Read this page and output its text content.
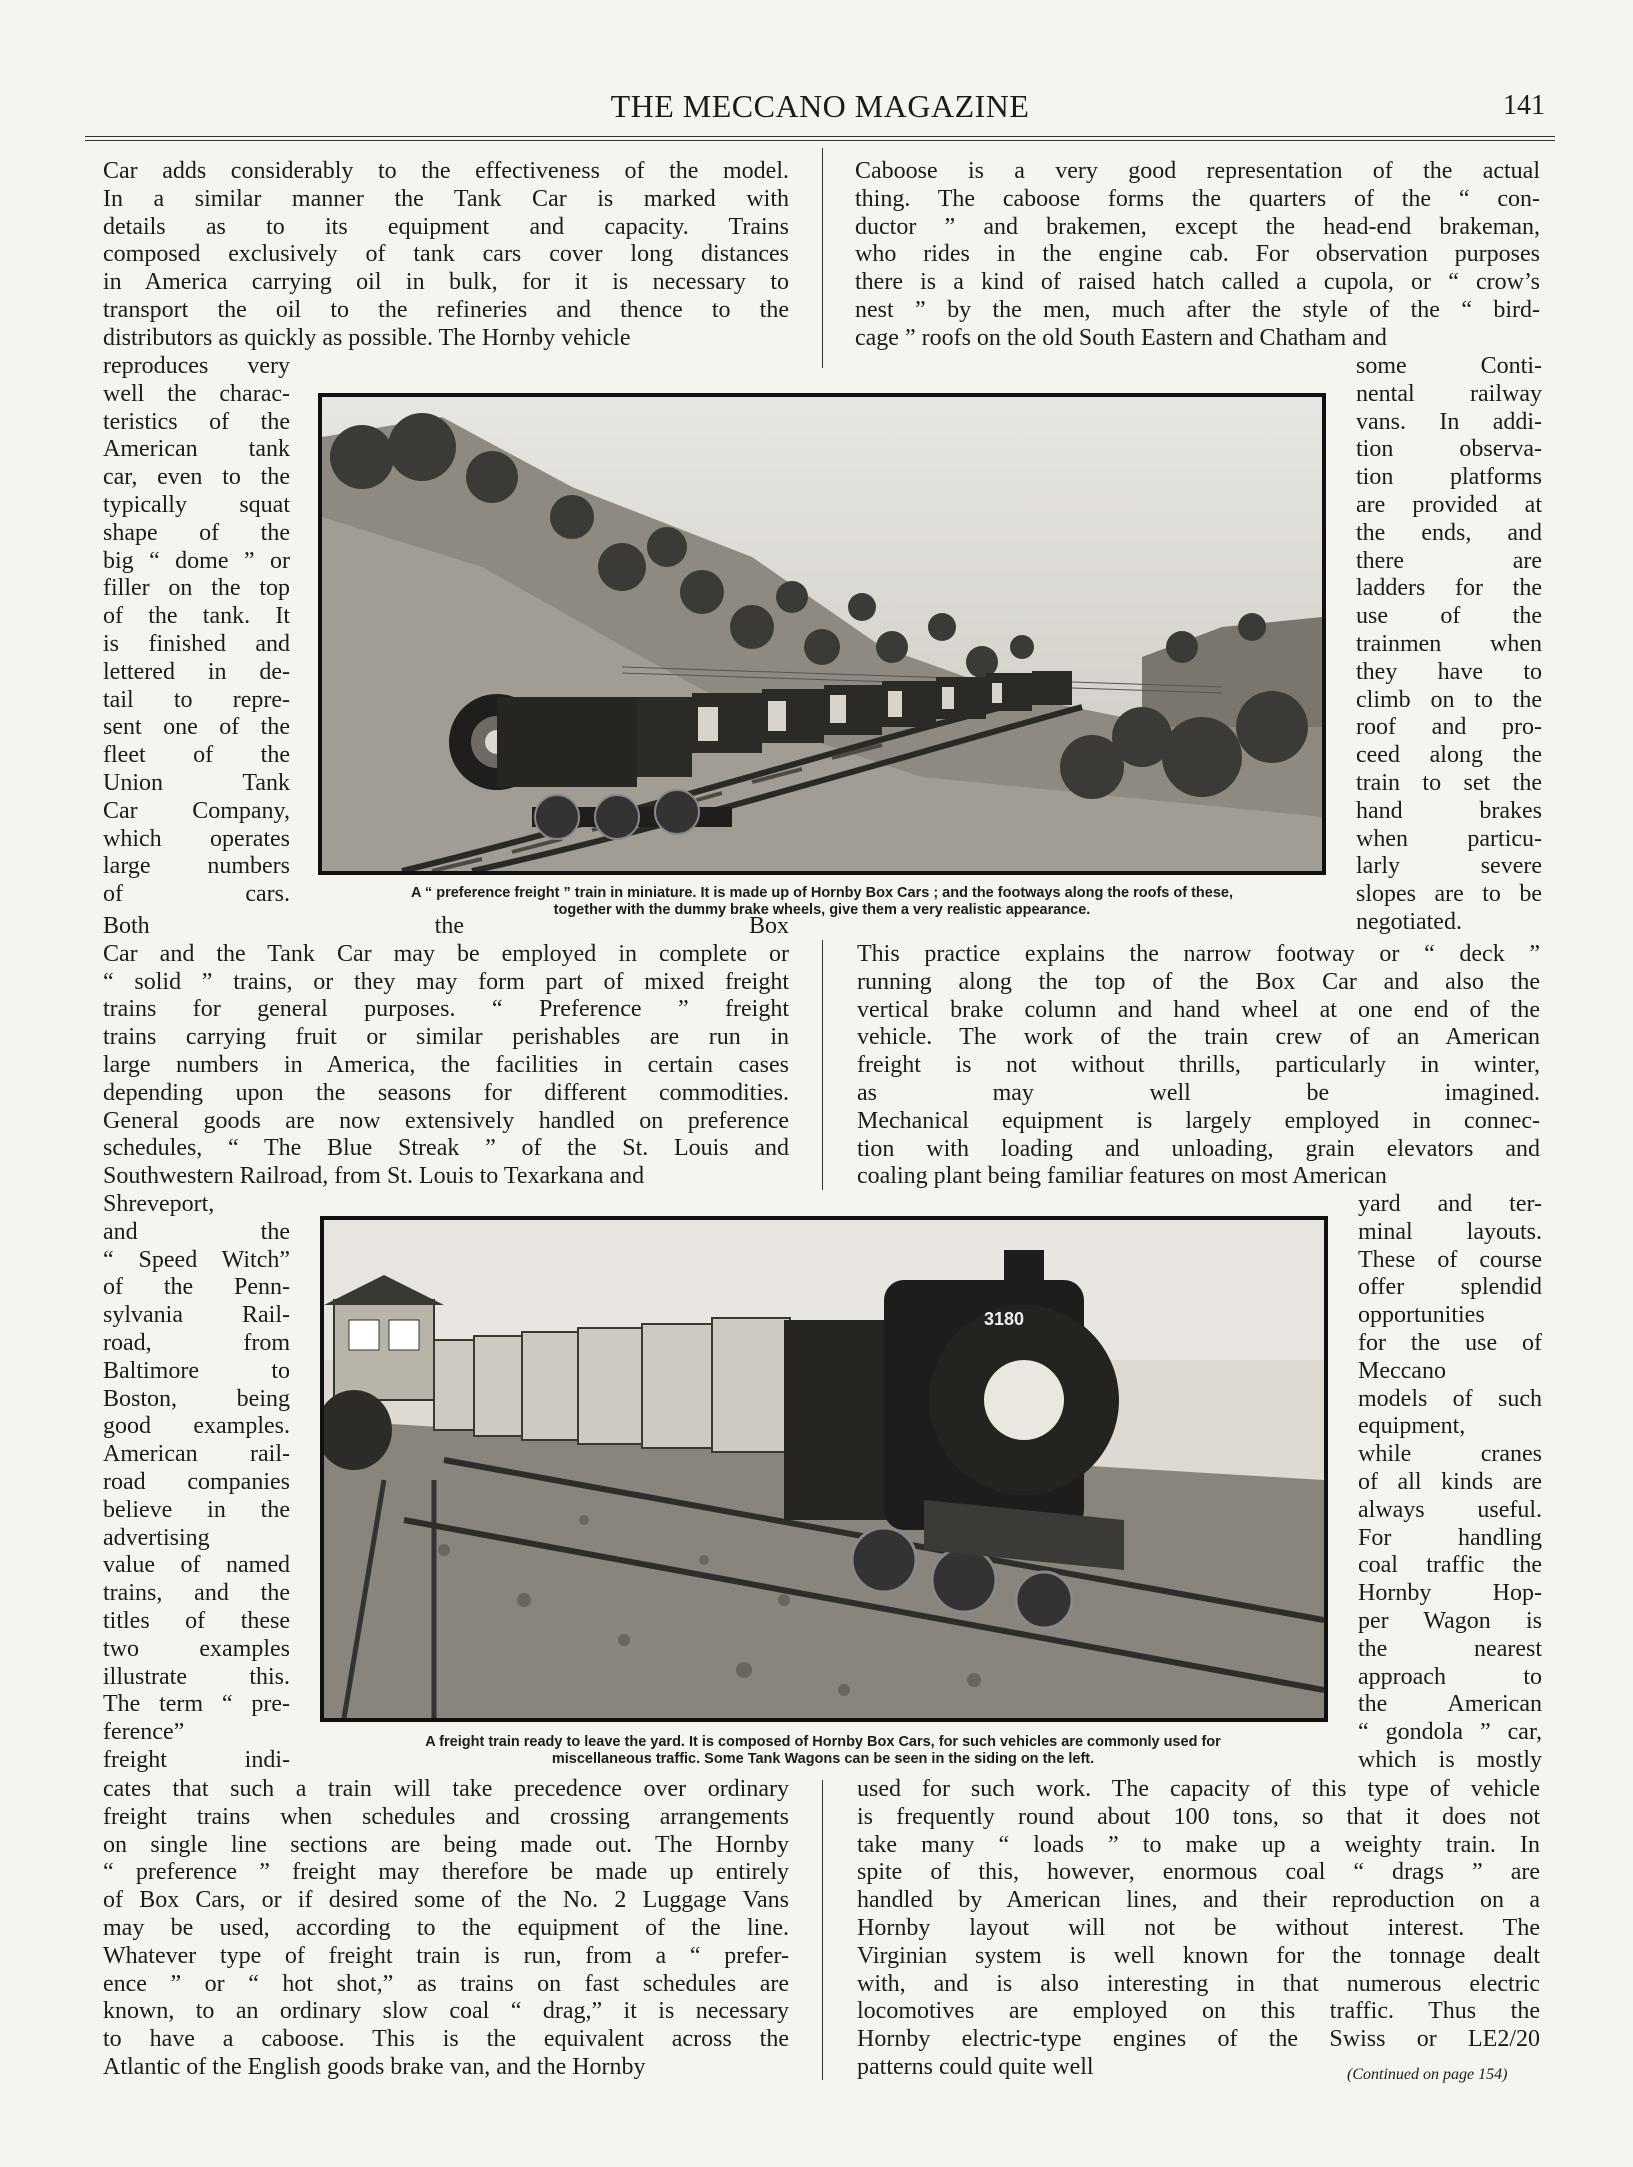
THE MECCANO MAGAZINE	141
Car adds considerably to the effectiveness of the model.
In a similar manner the Tank Car is marked with
details as to its equipment and capacity. Trains
composed exclusively of tank cars cover long distances
in America carrying oil in bulk, for it is necessary to
transport the oil to the refineries and thence to the
distributors as quickly as possible. The Hornby vehicle
Caboose is a very good representation of the actual
thing. The caboose forms the quarters of the “ con-
ductor ” and brakemen, except the head-end brakeman,
who rides in the engine cab. For observation purposes
there is a kind of raised hatch called a cupola, or “ crow’s
nest ” by the men, much after the style of the “ bird-
cage ” roofs on the old South Eastern and Chatham and
reproduces very
well the charac-
teristics of the
American tank
car, even to the
typically squat
shape of the
big “ dome ” or
filler on the top
of the tank. It
is finished and
lettered in de-
tail to repre-
sent one of the
fleet of the
Union Tank
Car Company,
which operates
large numbers
of cars.
some Conti-
nental railway
vans. In addi-
tion observa-
tion platforms
are provided at
the ends, and
there are
ladders for the
use of the
trainmen when
they have to
climb on to the
roof and pro-
ceed along the
train to set the
hand brakes
when particu-
larly severe
slopes are to be
negotiated.
A “ preference freight ” train in miniature. It is made up of Hornby Box Cars ; and the footways along the roofs of these,
together with the dummy brake wheels, give them a very realistic appearance.
Both the Box
Car and the Tank Car may be employed in complete or
“ solid ” trains, or they may form part of mixed freight
trains for general purposes. “ Preference ” freight
trains carrying fruit or similar perishables are run in
large numbers in America, the facilities in certain cases
depending upon the seasons for different commodities.
General goods are now extensively handled on preference
schedules, “ The Blue Streak ” of the St. Louis and
Southwestern Railroad, from St. Louis to Texarkana and
This practice explains the narrow footway or “ deck ”
running along the top of the Box Car and also the
vertical brake column and hand wheel at one end of the
vehicle. The work of the train crew of an American
freight is not without thrills, particularly in winter,
as may well be imagined.
Mechanical equipment is largely employed in connec-
tion with loading and unloading, grain elevators and
coaling plant being familiar features on most American
Shreveport,
and the
“ Speed Witch”
of the Penn-
sylvania Rail-
road, from
Baltimore to
Boston, being
good examples.
American rail-
road companies
believe in the
advertising
value of named
trains, and the
titles of these
two examples
illustrate this.
The term “ pre-
ference”
freight indi-
yard and ter-
minal layouts.
These of course
offer splendid
opportunities
for the use of
Meccano
models of such
equipment,
while cranes
of all kinds are
always useful.
For handling
coal traffic the
Hornby Hop-
per Wagon is
the nearest
approach to
the American
“ gondola ” car,
which is mostly
3180
A freight train ready to leave the yard. It is composed of Hornby Box Cars, for such vehicles are commonly used for
miscellaneous traffic. Some Tank Wagons can be seen in the siding on the left.
cates that such a train will take precedence over ordinary
freight trains when schedules and crossing arrangements
on single line sections are being made out. The Hornby
“ preference ” freight may therefore be made up entirely
of Box Cars, or if desired some of the No. 2 Luggage Vans
may be used, according to the equipment of the line.
Whatever type of freight train is run, from a “ prefer-
ence ” or “ hot shot,” as trains on fast schedules are
known, to an ordinary slow coal “ drag,” it is necessary
to have a caboose. This is the equivalent across the
Atlantic of the English goods brake van, and the Hornby
used for such work. The capacity of this type of vehicle
is frequently round about 100 tons, so that it does not
take many “ loads ” to make up a weighty train. In
spite of this, however, enormous coal “ drags ” are
handled by American lines, and their reproduction on a
Hornby layout will not be without interest. The
Virginian system is well known for the tonnage dealt
with, and is also interesting in that numerous electric
locomotives are employed on this traffic. Thus the
Hornby electric-type engines of the Swiss or LE2/20
patterns could quite well	(Continued on page 154)
